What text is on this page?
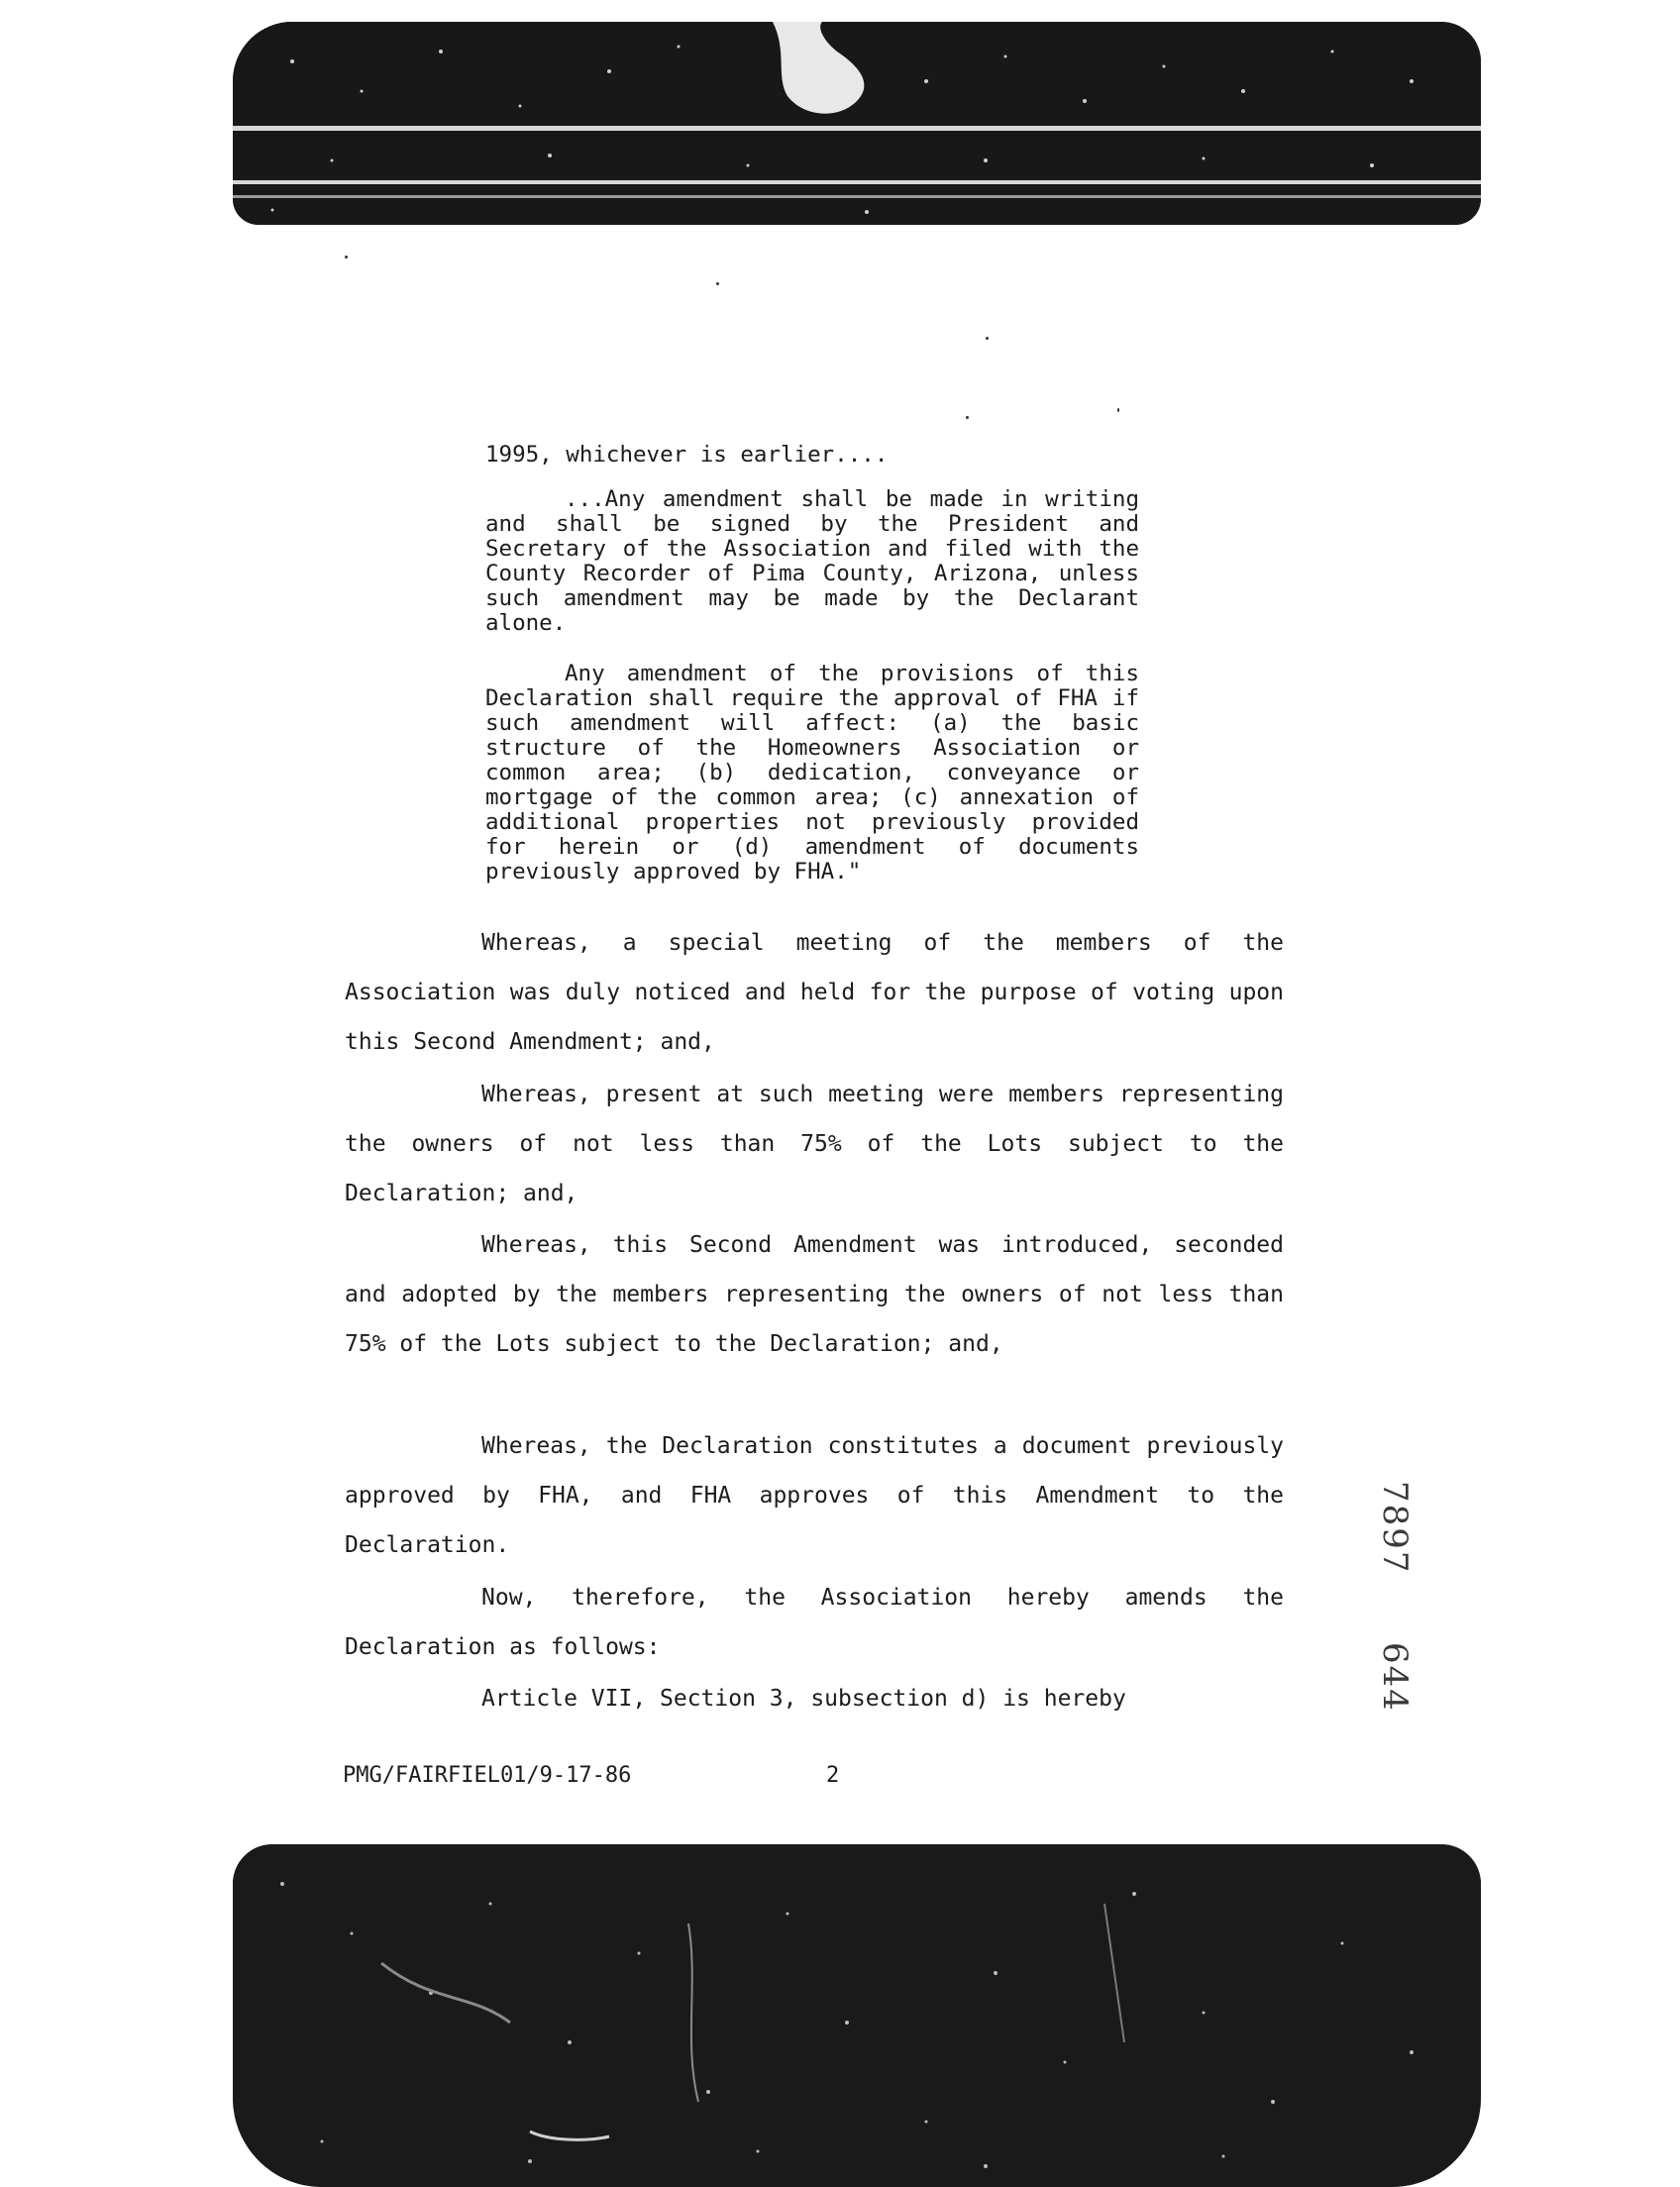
1995, whichever is earlier....
...Any amendment shall be made in writing and shall be signed by the President and Secretary of the Association and filed with the County Recorder of Pima County, Arizona, unless such amendment may be made by the Declarant alone.
Any amendment of the provisions of this Declaration shall require the approval of FHA if such amendment will affect: (a) the basic structure of the Homeowners Association or common area; (b) dedication, conveyance or mortgage of the common area; (c) annexation of additional properties not previously provided for herein or (d) amendment of documents previously approved by FHA."
Whereas, a special meeting of the members of the Association was duly noticed and held for the purpose of voting upon this Second Amendment; and,
Whereas, present at such meeting were members representing the owners of not less than 75% of the Lots subject to the Declaration; and,
Whereas, this Second Amendment was introduced, seconded and adopted by the members representing the owners of not less than 75% of the Lots subject to the Declaration; and,
Whereas, the Declaration constitutes a document previously approved by FHA, and FHA approves of this Amendment to the Declaration.
Now, therefore, the Association hereby amends the Declaration as follows:
Article VII, Section 3, subsection d) is hereby
7897
644
PMG/FAIRFIEL01/9-17-86	2
